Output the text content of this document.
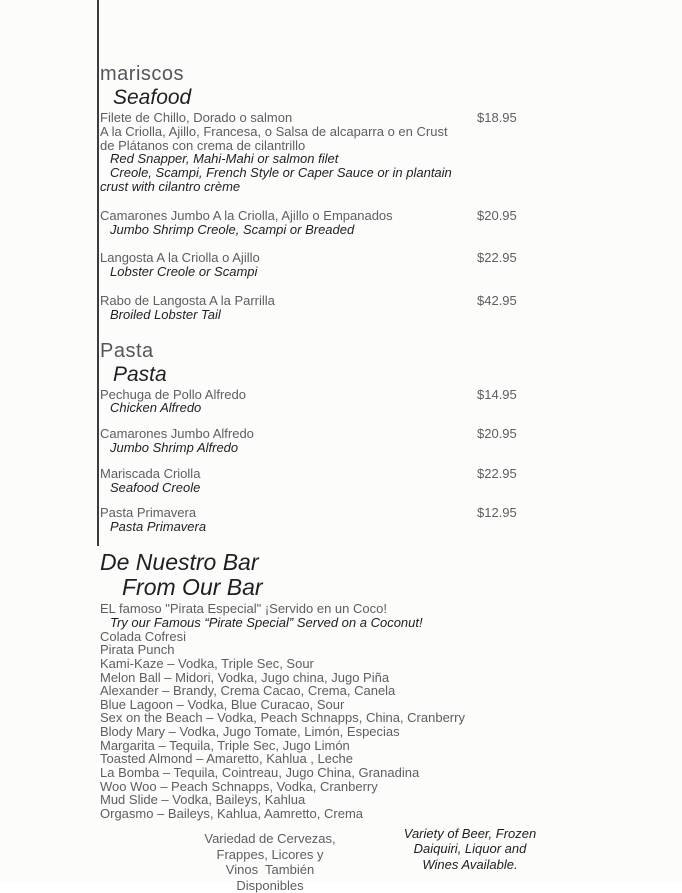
mariscos
Seafood
Filete de Chillo, Dorado o salmon
A la Criolla, Ajillo, Francesa, o Salsa de alcaparra o en Crust
de Plátanos con crema de cilantrillo
Red Snapper, Mahi-Mahi or salmon filet
Creole, Scampi, French Style or Caper Sauce or in plantain
crust with cilantro crème
$18.95
Camarones Jumbo A la Criolla, Ajillo o Empanados
Jumbo Shrimp Creole, Scampi or Breaded
$20.95
Langosta A la Criolla o Ajillo
Lobster Creole or Scampi
$22.95
Rabo de Langosta A la Parrilla
Broiled Lobster Tail
$42.95
Pasta
Pasta
Pechuga de Pollo Alfredo
Chicken Alfredo
$14.95
Camarones Jumbo Alfredo
Jumbo Shrimp Alfredo
$20.95
Mariscada Criolla
Seafood Creole
$22.95
Pasta Primavera
Pasta Primavera
$12.95
De Nuestro Bar
From Our Bar
EL famoso "Pirata Especial" ¡Servido en un Coco!
Try our Famous “Pirate Special” Served on a Coconut!
Colada Cofresi
Pirata Punch
Kami-Kaze – Vodka, Triple Sec, Sour
Melon Ball – Midori, Vodka, Jugo china, Jugo Piña
Alexander – Brandy, Crema Cacao, Crema, Canela
Blue Lagoon – Vodka, Blue Curacao, Sour
Sex on the Beach – Vodka, Peach Schnapps, China, Cranberry
Blody Mary – Vodka, Jugo Tomate, Limón, Especias
Margarita – Tequila, Triple Sec, Jugo Limón
Toasted Almond – Amaretto, Kahlua , Leche
La Bomba – Tequila, Cointreau, Jugo China, Granadina
Woo Woo – Peach Schnapps, Vodka, Cranberry
Mud Slide – Vodka, Baileys, Kahlua
Orgasmo – Baileys, Kahlua, Aamretto, Crema
Variedad de Cervezas,
Frappes, Licores y
Vinos  También
Disponibles
Variety of Beer, Frozen
Daiquiri, Liquor and
Wines Available.
